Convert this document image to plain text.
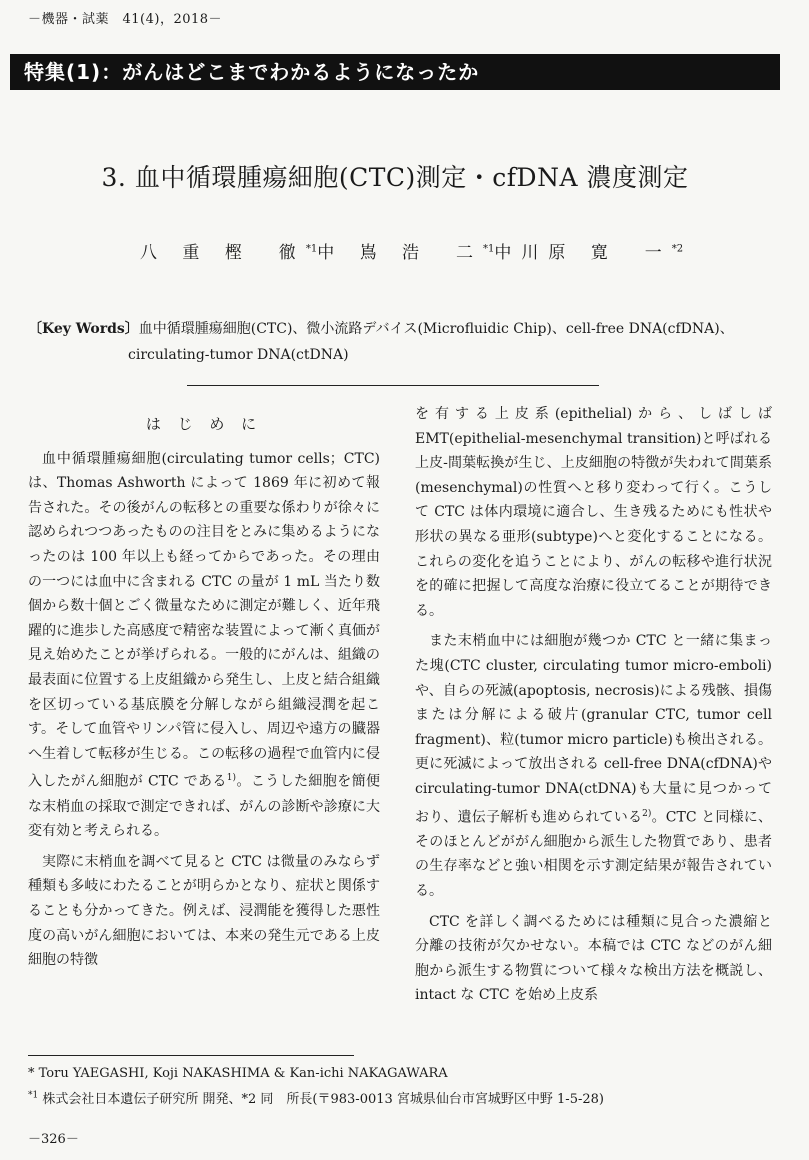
－機器・試薬　41(4)，2018－
特集(1)：がんはどこまでわかるようになったか
3. 血中循環腫瘍細胞(CTC)測定・cfDNA 濃度測定
八 重 樫　徹$^{*1}$ 中 嶌 浩　二$^{*1}$ 中川原 寛　一$^{*2}$
〔Key Words〕血中循環腫瘍細胞(CTC)、微小流路デバイス(Microfluidic Chip)、cell-free DNA(cfDNA)、
circulating-tumor DNA(ctDNA)
は じ め に

血中循環腫瘍細胞(circulating tumor cells；CTC)は、Thomas Ashworth によって 1869 年に初めて報告された。その後がんの転移との重要な係わりが徐々に認められつつあったものの注目をとみに集めるようになったのは 100 年以上も経ってからであった。その理由の一つには血中に含まれる CTC の量が 1 mL 当たり数個から数十個とごく微量なために測定が難しく、近年飛躍的に進歩した高感度で精密な装置によって漸く真価が見え始めたことが挙げられる。一般的にがんは、組織の最表面に位置する上皮組織から発生し、上皮と結合組織を区切っている基底膜を分解しながら組織浸潤を起こす。そして血管やリンパ管に侵入し、周辺や遠方の臓器へ生着して転移が生じる。この転移の過程で血管内に侵入したがん細胞が CTC である$^{1)}$。こうした細胞を簡便な末梢血の採取で測定できれば、がんの診断や診療に大変有効と考えられる。

実際に末梢血を調べて見ると CTC は微量のみならず種類も多岐にわたることが明らかとなり、症状と関係することも分かってきた。例えば、浸潤能を獲得した悪性度の高いがん細胞においては、本来の発生元である上皮細胞の特徴

を有する上皮系(epithelial)から、しばしば EMT(epithelial-mesenchymal transition)と呼ばれる上皮-間葉転換が生じ、上皮細胞の特徴が失われて間葉系(mesenchymal)の性質へと移り変わって行く。こうして CTC は体内環境に適合し、生き残るためにも性状や形状の異なる亜形(subtype)へと変化することになる。これらの変化を追うことにより、がんの転移や進行状況を的確に把握して高度な治療に役立てることが期待できる。

また末梢血中には細胞が幾つか CTC と一緒に集まった塊(CTC cluster, circulating tumor micro-emboli)や、自らの死滅(apoptosis, necrosis)による残骸、損傷または分解による破片(granular CTC, tumor cell fragment)、粒(tumor micro particle)も検出される。更に死滅によって放出される cell-free DNA(cfDNA)や circulating-tumor DNA(ctDNA)も大量に見つかっており、遺伝子解析も進められている$^{2)}$。CTC と同様に、そのほとんどががん細胞から派生した物質であり、患者の生存率などと強い相関を示す測定結果が報告されている。

CTC を詳しく調べるためには種類に見合った濃縮と分離の技術が欠かせない。本稿では CTC などのがん細胞から派生する物質について様々な検出方法を概説し、intact な CTC を始め上皮系

* Toru YAEGASHI, Koji NAKASHIMA & Kan-ichi NAKAGAWARA
$^{*1}$ 株式会社日本遺伝子研究所 開発、*2 同　所長(〒983-0013 宮城県仙台市宮城野区中野 1-5-28)
－326－
